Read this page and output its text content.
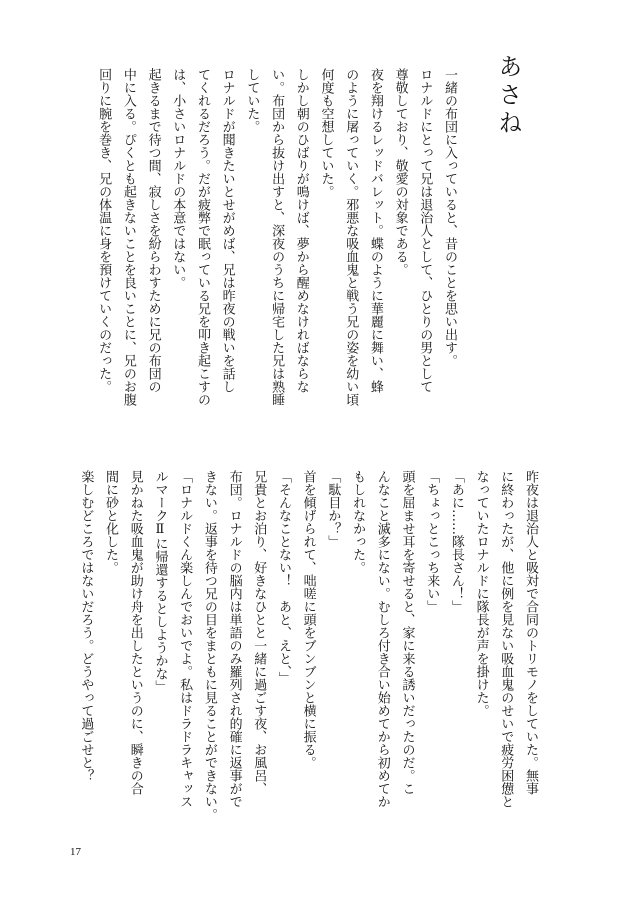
あさね
一緒の布団に入っていると、昔のことを思い出す。
ロナルドにとって兄は退治人として、ひとりの男として
尊敬しており、敬愛の対象である。
夜を翔けるレッドバレット。蝶のように華麗に舞い、蜂
のように屠っていく。邪悪な吸血鬼と戦う兄の姿を幼い頃
何度も空想していた。
しかし朝のひばりが鳴けば、夢から醒めなければならな
い。布団から抜け出すと、深夜のうちに帰宅した兄は熟睡
していた。
ロナルドが聞きたいとせがめば、兄は昨夜の戦いを話し
てくれるだろう。だが疲弊で眠っている兄を叩き起こすの
は、小さいロナルドの本意ではない。
起きるまで待つ間、寂しさを紛らわすために兄の布団の
中に入る。ぴくとも起きないことを良いことに、兄のお腹
回りに腕を巻き、兄の体温に身を預けていくのだった。
昨夜は退治人と吸対で合同のトリモノをしていた。無事
に終わったが、他に例を見ない吸血鬼のせいで疲労困憊と
なっていたロナルドに隊長が声を掛けた。
「あに……隊長さん！」
「ちょっとこっち来い」
頭を屈ませ耳を寄せると、家に来る誘いだったのだ。こ
んなこと滅多にない。むしろ付き合い始めてから初めてか
もしれなかった。
「駄目か？」
首を傾げられて、咄嗟に頭をブンブンと横に振る。
「そんなことない！　あと、えと、」
兄貴とお泊り、好きなひとと一緒に過ごす夜、お風呂、
布団。ロナルドの脳内は単語のみ羅列され的確に返事がで
きない。返事を待つ兄の目をまともに見ることができない。
「ロナルドくん楽しんでおいでよ。私はドラドラキャッス
ルマークⅡに帰還するとしようかな」
見かねた吸血鬼が助け舟を出したというのに、瞬きの合
間に砂と化した。
楽しむどころではないだろう。どうやって過ごせと？
17
